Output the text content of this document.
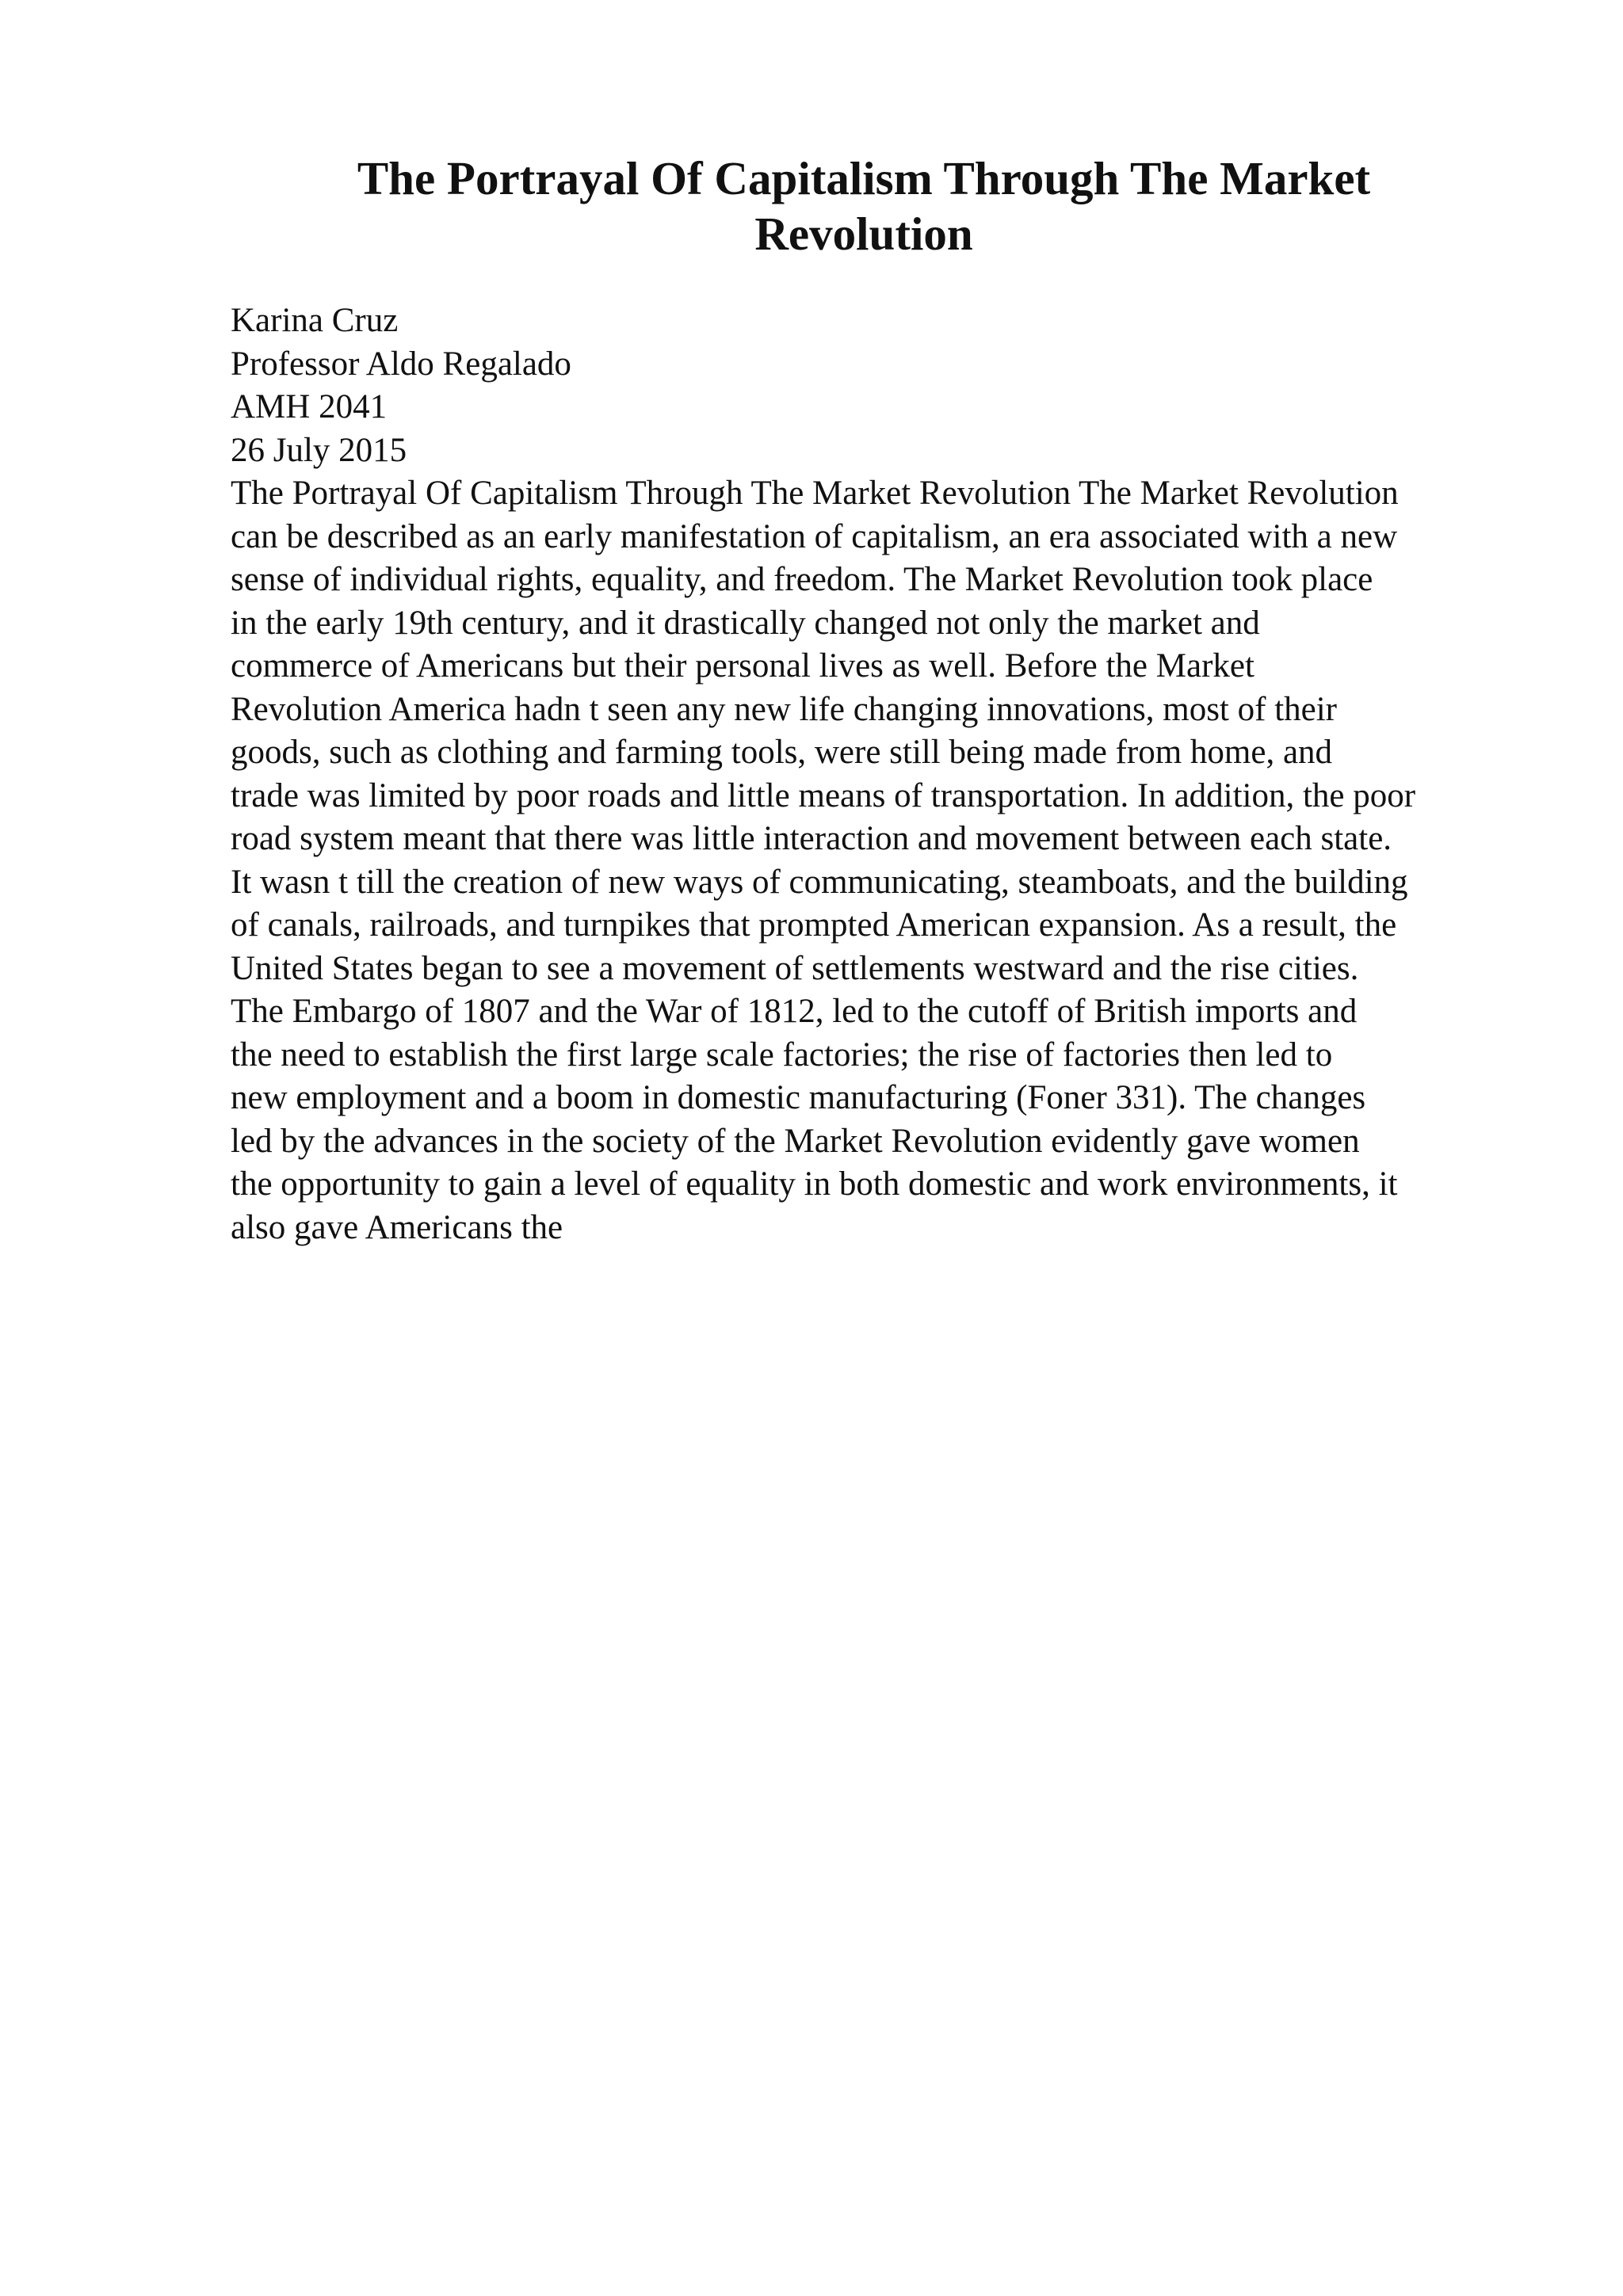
The Portrayal Of Capitalism Through The Market
Revolution
Karina Cruz
Professor Aldo Regalado
AMH 2041
26 July 2015
The Portrayal Of Capitalism Through The Market Revolution The Market Revolution
can be described as an early manifestation of capitalism, an era associated with a new
sense of individual rights, equality, and freedom. The Market Revolution took place
in the early 19th century, and it drastically changed not only the market and
commerce of Americans but their personal lives as well. Before the Market
Revolution America hadn t seen any new life changing innovations, most of their
goods, such as clothing and farming tools, were still being made from home, and
trade was limited by poor roads and little means of transportation. In addition, the poor
road system meant that there was little interaction and movement between each state.
It wasn t till the creation of new ways of communicating, steamboats, and the building
of canals, railroads, and turnpikes that prompted American expansion. As a result, the
United States began to see a movement of settlements westward and the rise cities.
The Embargo of 1807 and the War of 1812, led to the cutoff of British imports and
the need to establish the first large scale factories; the rise of factories then led to
new employment and a boom in domestic manufacturing (Foner 331). The changes
led by the advances in the society of the Market Revolution evidently gave women
the opportunity to gain a level of equality in both domestic and work environments, it
also gave Americans the
